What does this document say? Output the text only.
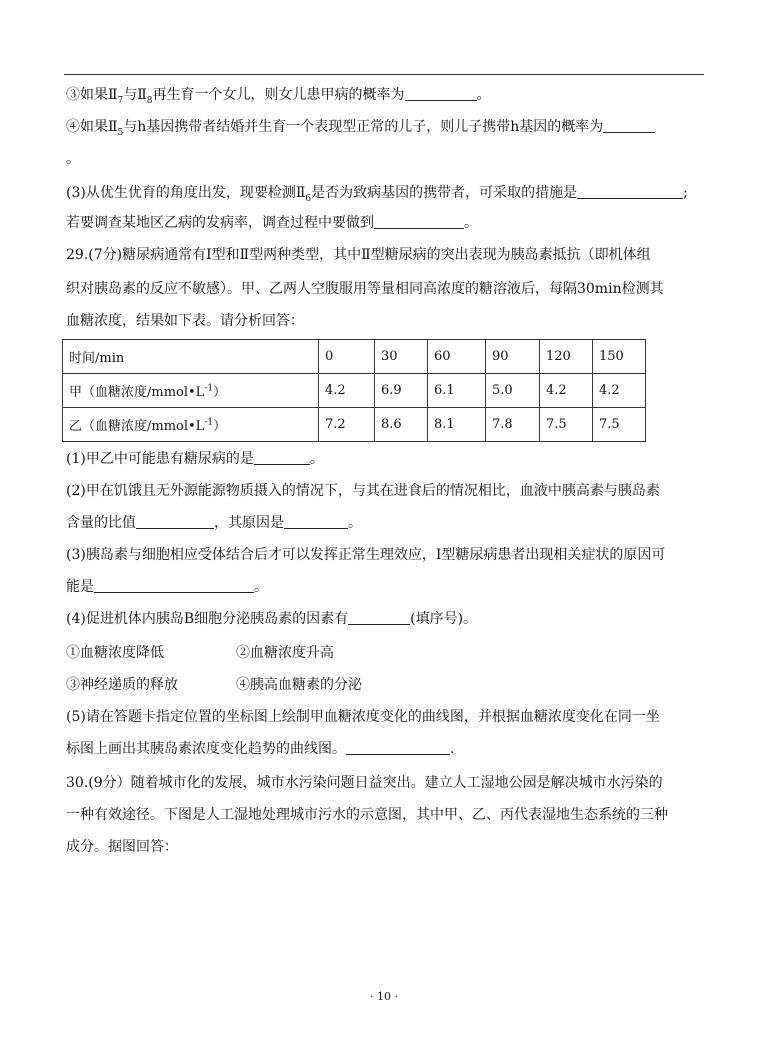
③如果$Ⅱ_7$与$Ⅱ_8$再生育一个女儿，则女儿患甲病的概率为	。
④如果$Ⅱ_5$与h基因携带者结婚并生育一个表现型正常的儿子，则儿子携带h基因的概率为
。
(3)从优生优育的角度出发，现要检测$Ⅱ_6$是否为致病基因的携带者，可采取的措施是	;
若要调查某地区乙病的发病率，调查过程中要做到	。
29.(7分)糖尿病通常有Ⅰ型和Ⅱ型两种类型，其中Ⅱ型糖尿病的突出表现为胰岛素抵抗（即机体组
织对胰岛素的反应不敏感）。甲、乙两人空腹服用等量相同高浓度的糖溶液后，每隔30min检测其
血糖浓度，结果如下表。请分析回答：
时间/min	0	30	60	90	120	150
甲（血糖浓度$/mmol•L^{-1}$）	4.2	6.9	6.1	5.0	4.2	4.2
乙（血糖浓度$/mmol•L^{-1}$）	7.2	8.6	8.1	7.8	7.5	7.5
(1)甲乙中可能患有糖尿病的是	。
(2)甲在饥饿且无外源能源物质摄入的情况下，与其在进食后的情况相比，血液中胰高素与胰岛素
含量的比值	，其原因是	。
(3)胰岛素与细胞相应受体结合后才可以发挥正常生理效应，Ⅰ型糖尿病患者出现相关症状的原因可
能是	。
(4)促进机体内胰岛B细胞分泌胰岛素的因素有	(填序号)。
①血糖浓度降低	②血糖浓度升高
③神经递质的释放	④胰高血糖素的分泌
(5)请在答题卡指定位置的坐标图上绘制甲血糖浓度变化的曲线图，并根据血糖浓度变化在同一坐
标图上画出其胰岛素浓度变化趋势的曲线图。	.
30.(9分）随着城市化的发展，城市水污染问题日益突出。建立人工湿地公园是解决城市水污染的
一种有效途径。下图是人工湿地处理城市污水的示意图，其中甲、乙、丙代表湿地生态系统的三种
成分。据图回答：
· 10 ·
